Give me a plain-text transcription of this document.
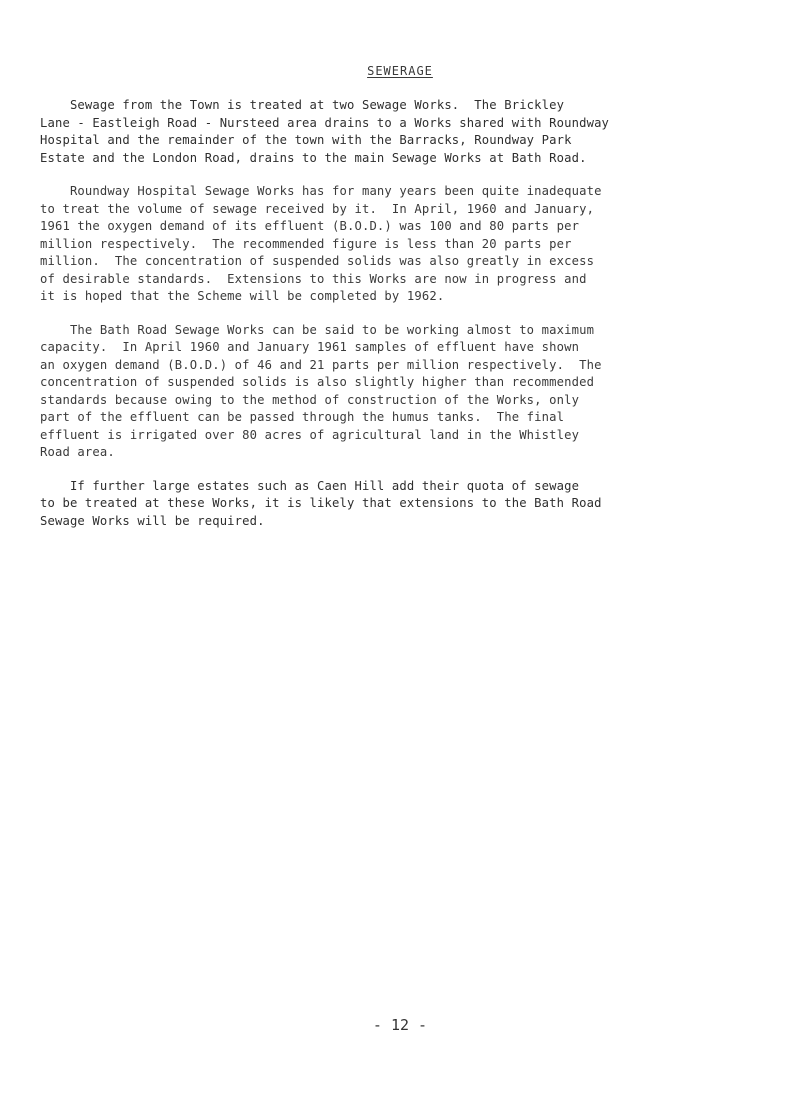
SEWERAGE

Sewage from the Town is treated at two Sewage Works.  The Brickley
Lane - Eastleigh Road - Nursteed area drains to a Works shared with Roundway
Hospital and the remainder of the town with the Barracks, Roundway Park
Estate and the London Road, drains to the main Sewage Works at Bath Road.

Roundway Hospital Sewage Works has for many years been quite inadequate
to treat the volume of sewage received by it.  In April, 1960 and January,
1961 the oxygen demand of its effluent (B.O.D.) was 100 and 80 parts per
million respectively.  The recommended figure is less than 20 parts per
million.  The concentration of suspended solids was also greatly in excess
of desirable standards.  Extensions to this Works are now in progress and
it is hoped that the Scheme will be completed by 1962.

The Bath Road Sewage Works can be said to be working almost to maximum
capacity.  In April 1960 and January 1961 samples of effluent have shown
an oxygen demand (B.O.D.) of 46 and 21 parts per million respectively.  The
concentration of suspended solids is also slightly higher than recommended
standards because owing to the method of construction of the Works, only
part of the effluent can be passed through the humus tanks.  The final
effluent is irrigated over 80 acres of agricultural land in the Whistley
Road area.

If further large estates such as Caen Hill add their quota of sewage
to be treated at these Works, it is likely that extensions to the Bath Road
Sewage Works will be required.

- 12 -
